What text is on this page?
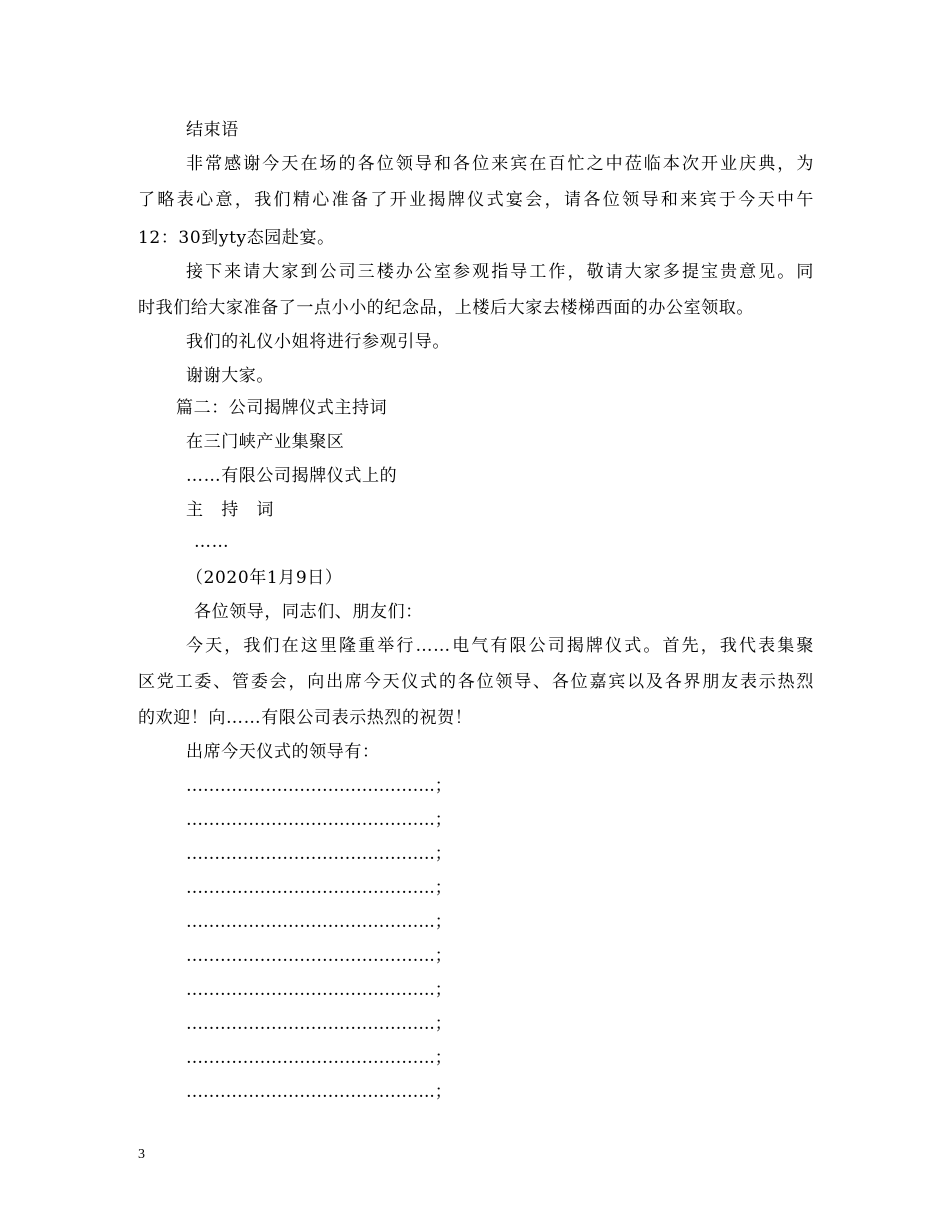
结束语

非常感谢今天在场的各位领导和各位来宾在百忙之中莅临本次开业庆典，为

了略表心意，我们精心准备了开业揭牌仪式宴会，请各位领导和来宾于今天中午

12：30到yty态园赴宴。

接下来请大家到公司三楼办公室参观指导工作，敬请大家多提宝贵意见。同

时我们给大家准备了一点小小的纪念品，上楼后大家去楼梯西面的办公室领取。

我们的礼仪小姐将进行参观引导。

谢谢大家。

篇二：公司揭牌仪式主持词

在三门峡产业集聚区

……有限公司揭牌仪式上的

主　持　词

……

（2020年1月9日）

各位领导，同志们、朋友们：

今天，我们在这里隆重举行……电气有限公司揭牌仪式。首先，我代表集聚

区党工委、管委会，向出席今天仪式的各位领导、各位嘉宾以及各界朋友表示热烈

的欢迎！向……有限公司表示热烈的祝贺！

出席今天仪式的领导有：

……………………………………..；

……………………………………..；

……………………………………..；

……………………………………..；

……………………………………..；

……………………………………..；

……………………………………..；

……………………………………..；

……………………………………..；

……………………………………..；

3
